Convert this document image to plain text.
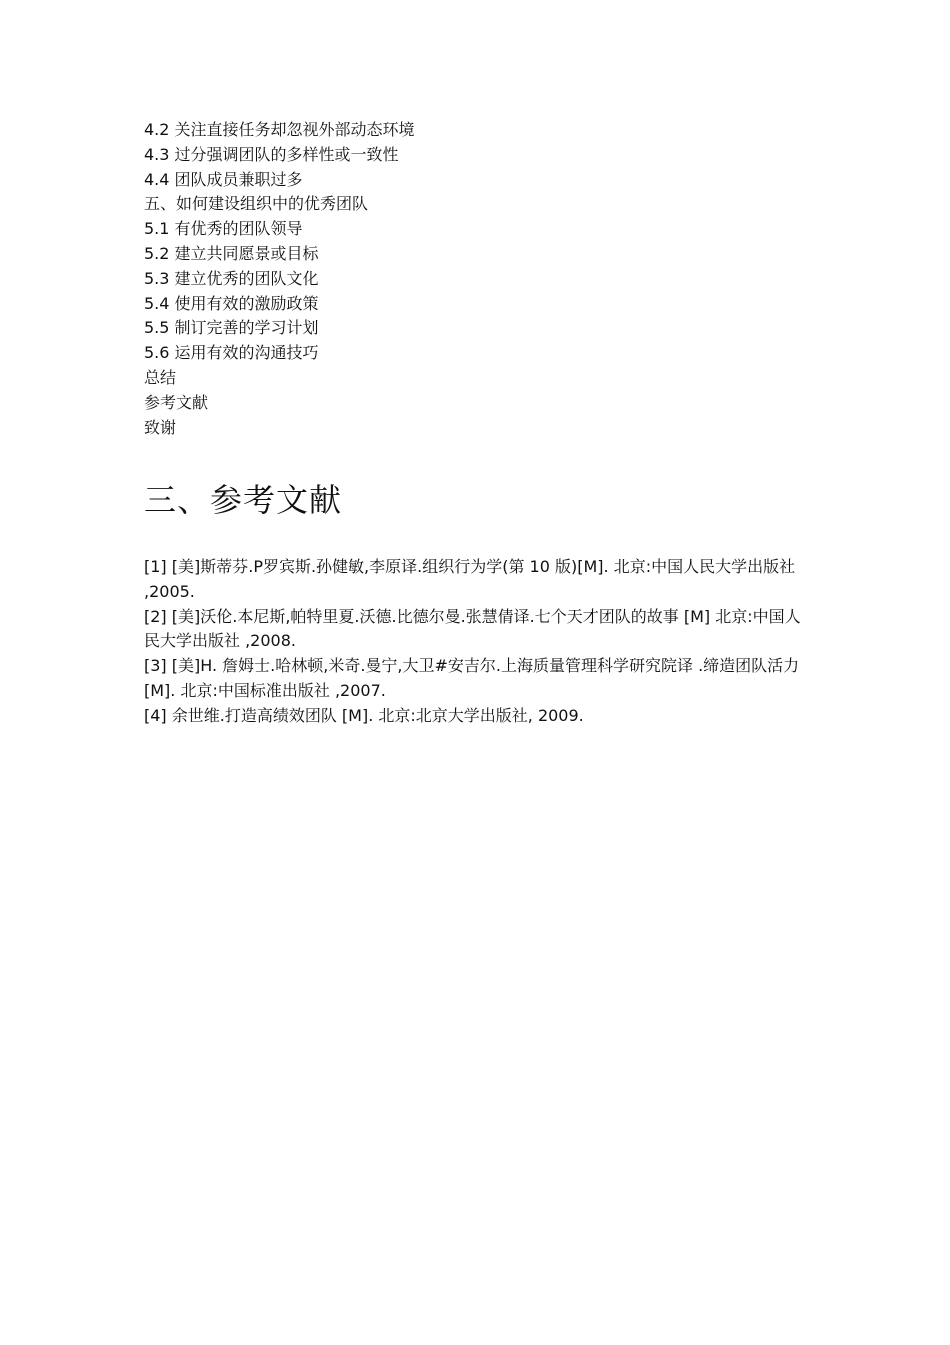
4.2 关注直接任务却忽视外部动态环境
4.3 过分强调团队的多样性或一致性
4.4 团队成员兼职过多
五、如何建设组织中的优秀团队
5.1 有优秀的团队领导
5.2 建立共同愿景或目标
5.3 建立优秀的团队文化
5.4 使用有效的激励政策
5.5 制订完善的学习计划
5.6 运用有效的沟通技巧
总结
参考文献
致谢
三、参考文献
[1] [美]斯蒂芬.P罗宾斯.孙健敏,李原译.组织行为学(第 10 版)[M]. 北京:中国人民大学出版社 ,2005.
[2] [美]沃伦.本尼斯,帕特里夏.沃德.比德尔曼.张慧倩译.七个天才团队的故事 [M] 北京:中国人民大学出版社 ,2008.
[3] [美]H. 詹姆士.哈林顿,米奇.曼宁,大卫#安吉尔.上海质量管理科学研究院译 .缔造团队活力 [M]. 北京:中国标准出版社 ,2007.
[4] 余世维.打造高绩效团队 [M]. 北京:北京大学出版社, 2009.
